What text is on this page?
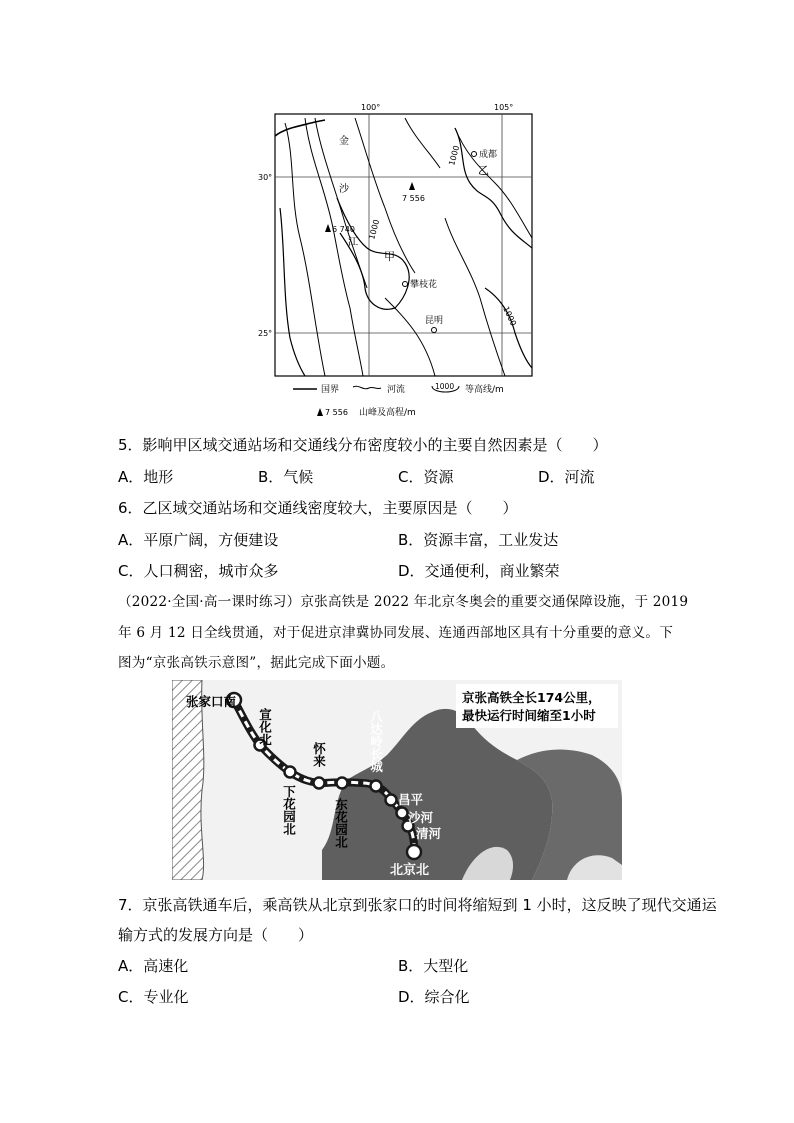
100°	105°
30°
25°
金
沙
江
1000
1000
1000
6 740
7 556
成都
攀枝花
昆明
甲
乙
国界	河流	1000 等高线/m
7 556 山峰及高程/m
5．影响甲区域交通站场和交通线分布密度较小的主要自然因素是（　　）
A．地形	B．气候	C．资源	D．河流
6．乙区域交通站场和交通线密度较大，主要原因是（　　）
A．平原广阔，方便建设	B．资源丰富，工业发达
C．人口稠密，城市众多	D．交通便利，商业繁荣
（2022·全国·高一课时练习）京张高铁是 2022 年北京冬奥会的重要交通保障设施，于 2019
年 6 月 12 日全线贯通，对于促进京津冀协同发展、连通西部地区具有十分重要的意义。下
图为“京张高铁示意图”，据此完成下面小题。
京张高铁全长174公里，
最快运行时间缩至1小时
张家口南
宣化北
下花园北
怀来
东花园北
八达岭长城
昌平
沙河
清河
北京北
7．京张高铁通车后，乘高铁从北京到张家口的时间将缩短到 1 小时，这反映了现代交通运
输方式的发展方向是（　　）
A．高速化	B．大型化
C．专业化	D．综合化
